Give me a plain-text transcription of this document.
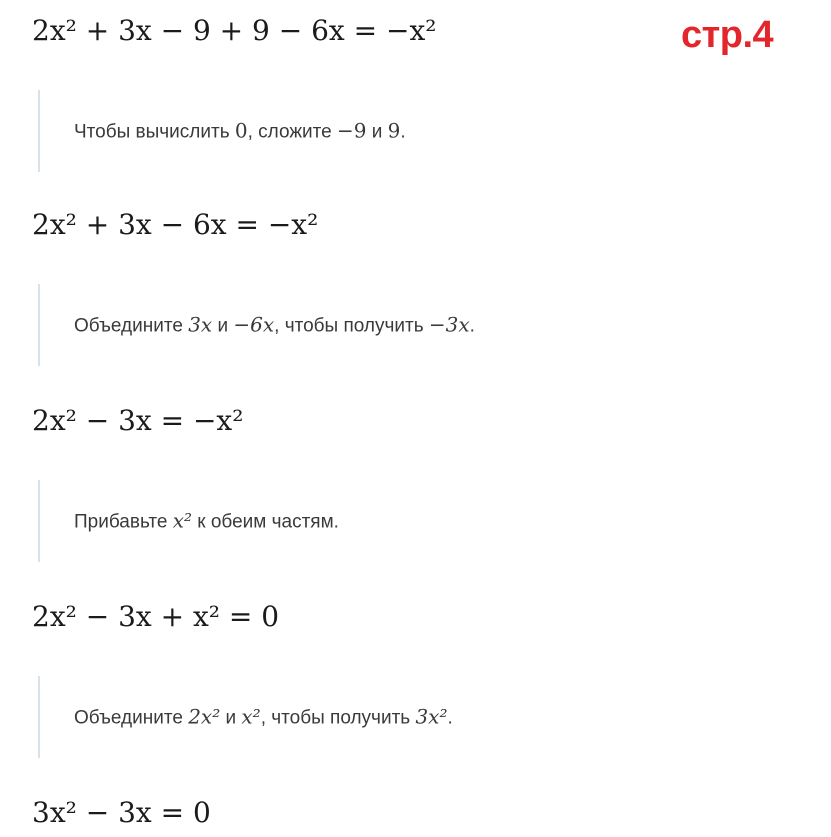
стр.4
2x² + 3x − 9 + 9 − 6x = −x²
Чтобы вычислить 0, сложите −9 и 9.
2x² + 3x − 6x = −x²
Объедините 3x и −6x, чтобы получить −3x.
2x² − 3x = −x²
Прибавьте x² к обеим частям.
2x² − 3x + x² = 0
Объедините 2x² и x², чтобы получить 3x².
3x² − 3x = 0
